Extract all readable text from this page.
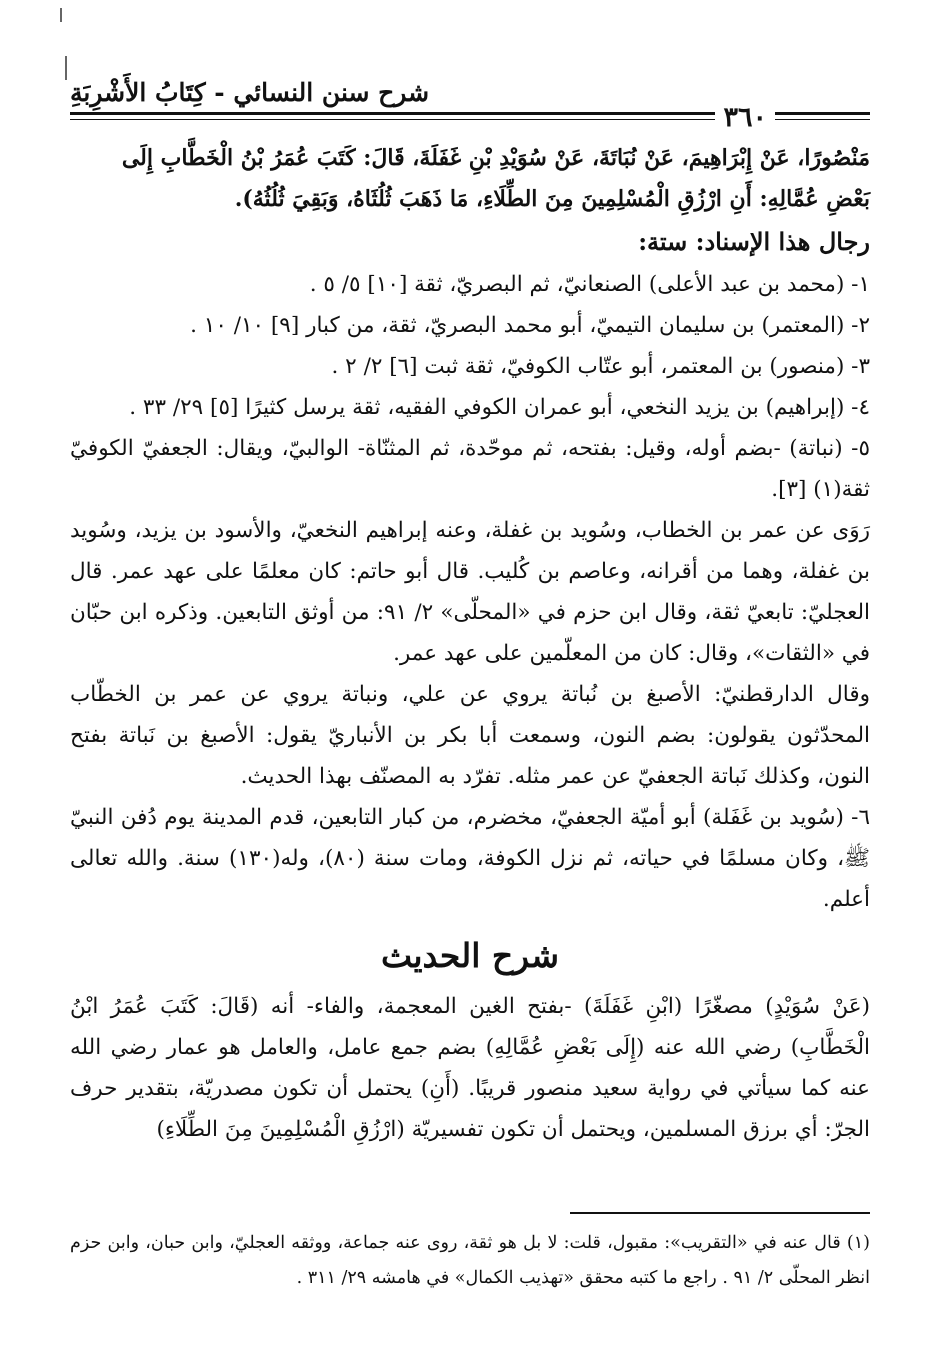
شرح سنن النسائي - كِتَابُ الأَشْرِبَةِ
٣٦٠
مَنْصُورًا، عَنْ إِبْرَاهِيمَ، عَنْ نُبَاتَةَ، عَنْ سُوَيْدِ بْنِ غَفَلَةَ، قَالَ: كَتَبَ عُمَرُ بْنُ الْخَطَّابِ إِلَى
بَعْضِ عُمَّالِهِ: أَنِ ارْزُقِ الْمُسْلِمِينَ مِنَ الطِّلَاءِ، مَا ذَهَبَ ثُلُثَاهُ، وَبَقِيَ ثُلُثُهُ).
رجال هذا الإسناد: ستة:

١- (محمد بن عبد الأعلى) الصنعانيّ، ثم البصريّ، ثقة [١٠] ٥/ ٥ .

٢- (المعتمر) بن سليمان التيميّ، أبو محمد البصريّ، ثقة، من كبار [٩] ١٠/ ١٠ .

٣- (منصور) بن المعتمر، أبو عتّاب الكوفيّ، ثقة ثبت [٦] ٢/ ٢ .

٤- (إبراهيم) بن يزيد النخعي، أبو عمران الكوفي الفقيه، ثقة يرسل كثيرًا [٥] ٢٩/ ٣٣ .

٥- (نباتة) -بضم أوله، وقيل: بفتحه، ثم موحّدة، ثم المثنّاة- الوالبيّ، ويقال: الجعفيّ الكوفيّ ثقة(١) [٣].

رَوَى عن عمر بن الخطاب، وسُويد بن غفلة، وعنه إبراهيم النخعيّ، والأسود بن يزيد، وسُويد بن غفلة، وهما من أقرانه، وعاصم بن كُليب. قال أبو حاتم: كان معلمًا على عهد عمر. قال العجليّ: تابعيّ ثقة، وقال ابن حزم في «المحلّى» ٢/ ٩١: من أوثق التابعين. وذكره ابن حبّان في «الثقات»، وقال: كان من المعلّمين على عهد عمر.

وقال الدارقطنيّ: الأصبغ بن نُباتة يروي عن علي، ونباتة يروي عن عمر بن الخطّاب المحدّثون يقولون: بضم النون، وسمعت أبا بكر بن الأنباريّ يقول: الأصبغ بن نَباتة بفتح النون، وكذلك نَباتة الجعفيّ عن عمر مثله. تفرّد به المصنّف بهذا الحديث.

٦- (سُويد بن غَفَلة) أبو أميّة الجعفيّ، مخضرم، من كبار التابعين، قدم المدينة يوم دُفن النبيّ ﷺ، وكان مسلمًا في حياته، ثم نزل الكوفة، ومات سنة (٨٠)، وله(١٣٠) سنة. والله تعالى أعلم.

شرح الحديث

(عَنْ سُوَيْدٍ) مصغّرًا (ابْنِ غَفَلَةَ) -بفتح الغين المعجمة، والفاء- أنه (قَالَ: كَتَبَ عُمَرُ ابْنُ الْخَطَّابِ) رضي الله عنه (إِلَى بَعْضِ عُمَّالِهِ) بضم جمع عامل، والعامل هو عمار رضي الله عنه كما سيأتي في رواية سعيد منصور قريبًا. (أَنِ) يحتمل أن تكون مصدريّة، بتقدير حرف الجرّ: أي برزق المسلمين، ويحتمل أن تكون تفسيريّة (ارْزُقِ الْمُسْلِمِينَ مِنَ الطِّلَاءِ)

(١) قال عنه في «التقريب»: مقبول، قلت: لا بل هو ثقة، روى عنه جماعة، ووثقه العجليّ، وابن حبان، وابن حزم انظر المحلّى ٢/ ٩١ . راجع ما كتبه محقق «تهذيب الكمال» في هامشه ٢٩/ ٣١١ .
